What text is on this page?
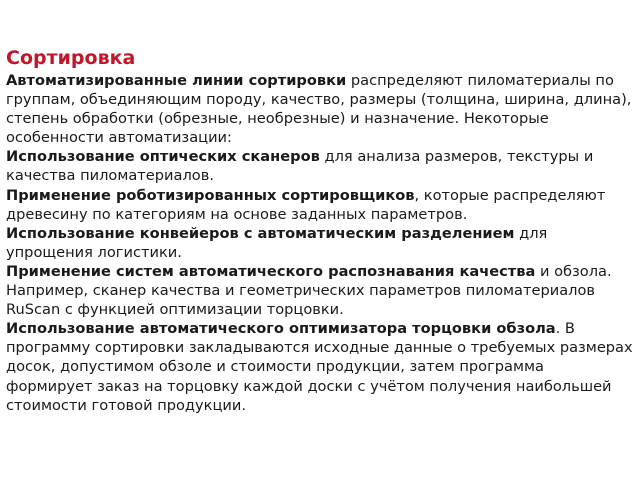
Сортировка

Автоматизированные линии сортировки распределяют пиломатериалы по группам, объединяющим породу, качество, размеры (толщина, ширина, длина), степень обработки (обрезные, необрезные) и назначение. Некоторые особенности автоматизации:

Использование оптических сканеров для анализа размеров, текстуры и качества пиломатериалов.

Применение роботизированных сортировщиков, которые распределяют древесину по категориям на основе заданных параметров.

Использование конвейеров с автоматическим разделением для упрощения логистики.

Применение систем автоматического распознавания качества и обзола. Например, сканер качества и геометрических параметров пиломатериалов RuScan с функцией оптимизации торцовки.

Использование автоматического оптимизатора торцовки обзола. В программу сортировки закладываются исходные данные о требуемых размерах досок, допустимом обзоле и стоимости продукции, затем программа формирует заказ на торцовку каждой доски с учётом получения наибольшей стоимости готовой продукции.
